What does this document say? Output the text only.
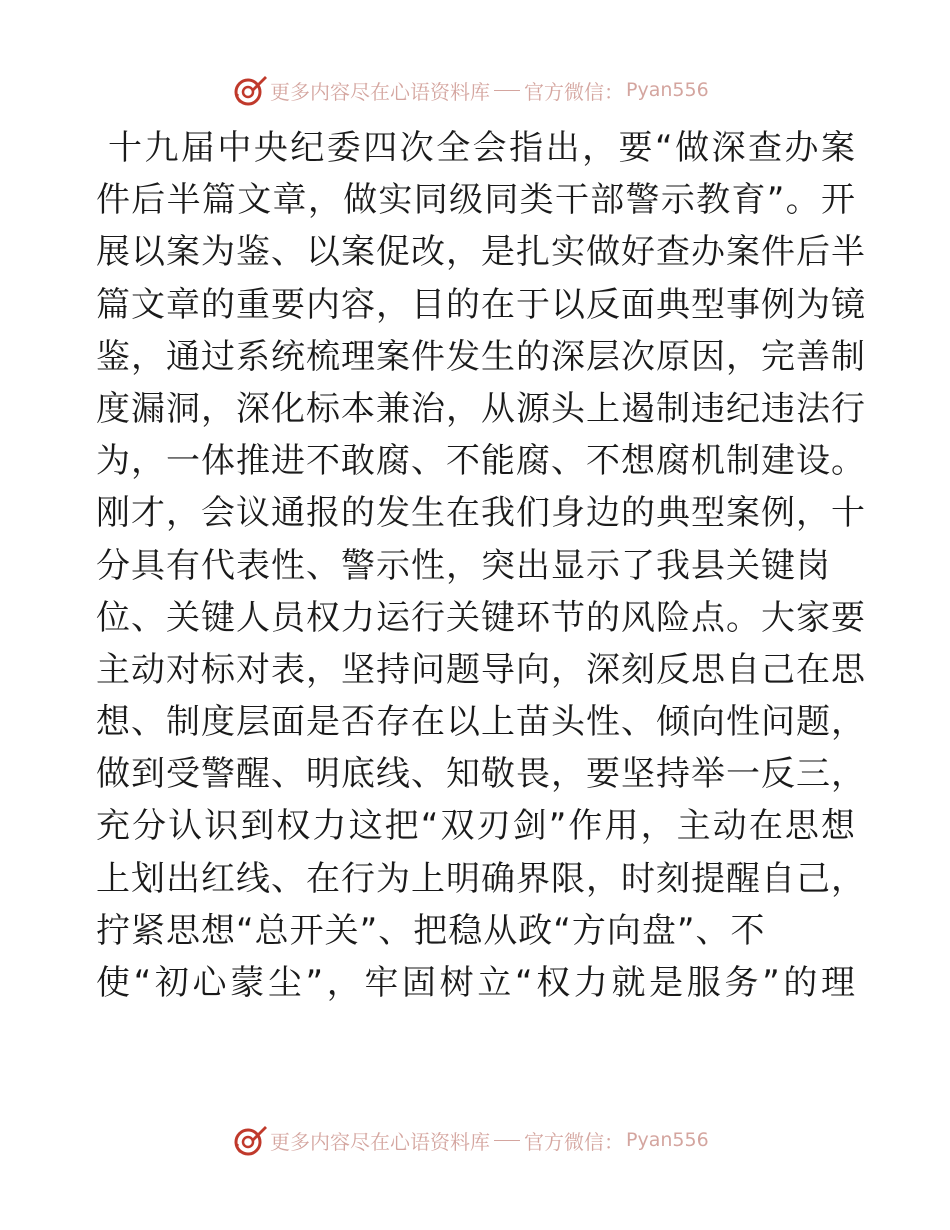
更多内容尽在心语资料库 官方微信： Pyan556
十九届中央纪委四次全会指出，要“做深查办案
件后半篇文章，做实同级同类干部警示教育”。开
展以案为鉴、以案促改，是扎实做好查办案件后半
篇文章的重要内容，目的在于以反面典型事例为镜
鉴，通过系统梳理案件发生的深层次原因，完善制
度漏洞，深化标本兼治，从源头上遏制违纪违法行
为，一体推进不敢腐、不能腐、不想腐机制建设。
刚才，会议通报的发生在我们身边的典型案例，十
分具有代表性、警示性，突出显示了我县关键岗
位、关键人员权力运行关键环节的风险点。大家要
主动对标对表，坚持问题导向，深刻反思自己在思
想、制度层面是否存在以上苗头性、倾向性问题，
做到受警醒、明底线、知敬畏，要坚持举一反三，
充分认识到权力这把“双刃剑”作用，主动在思想
上划出红线、在行为上明确界限，时刻提醒自己，
拧紧思想“总开关”、把稳从政“方向盘”、不
使“初心蒙尘”，牢固树立“权力就是服务”的理
更多内容尽在心语资料库 官方微信： Pyan556
